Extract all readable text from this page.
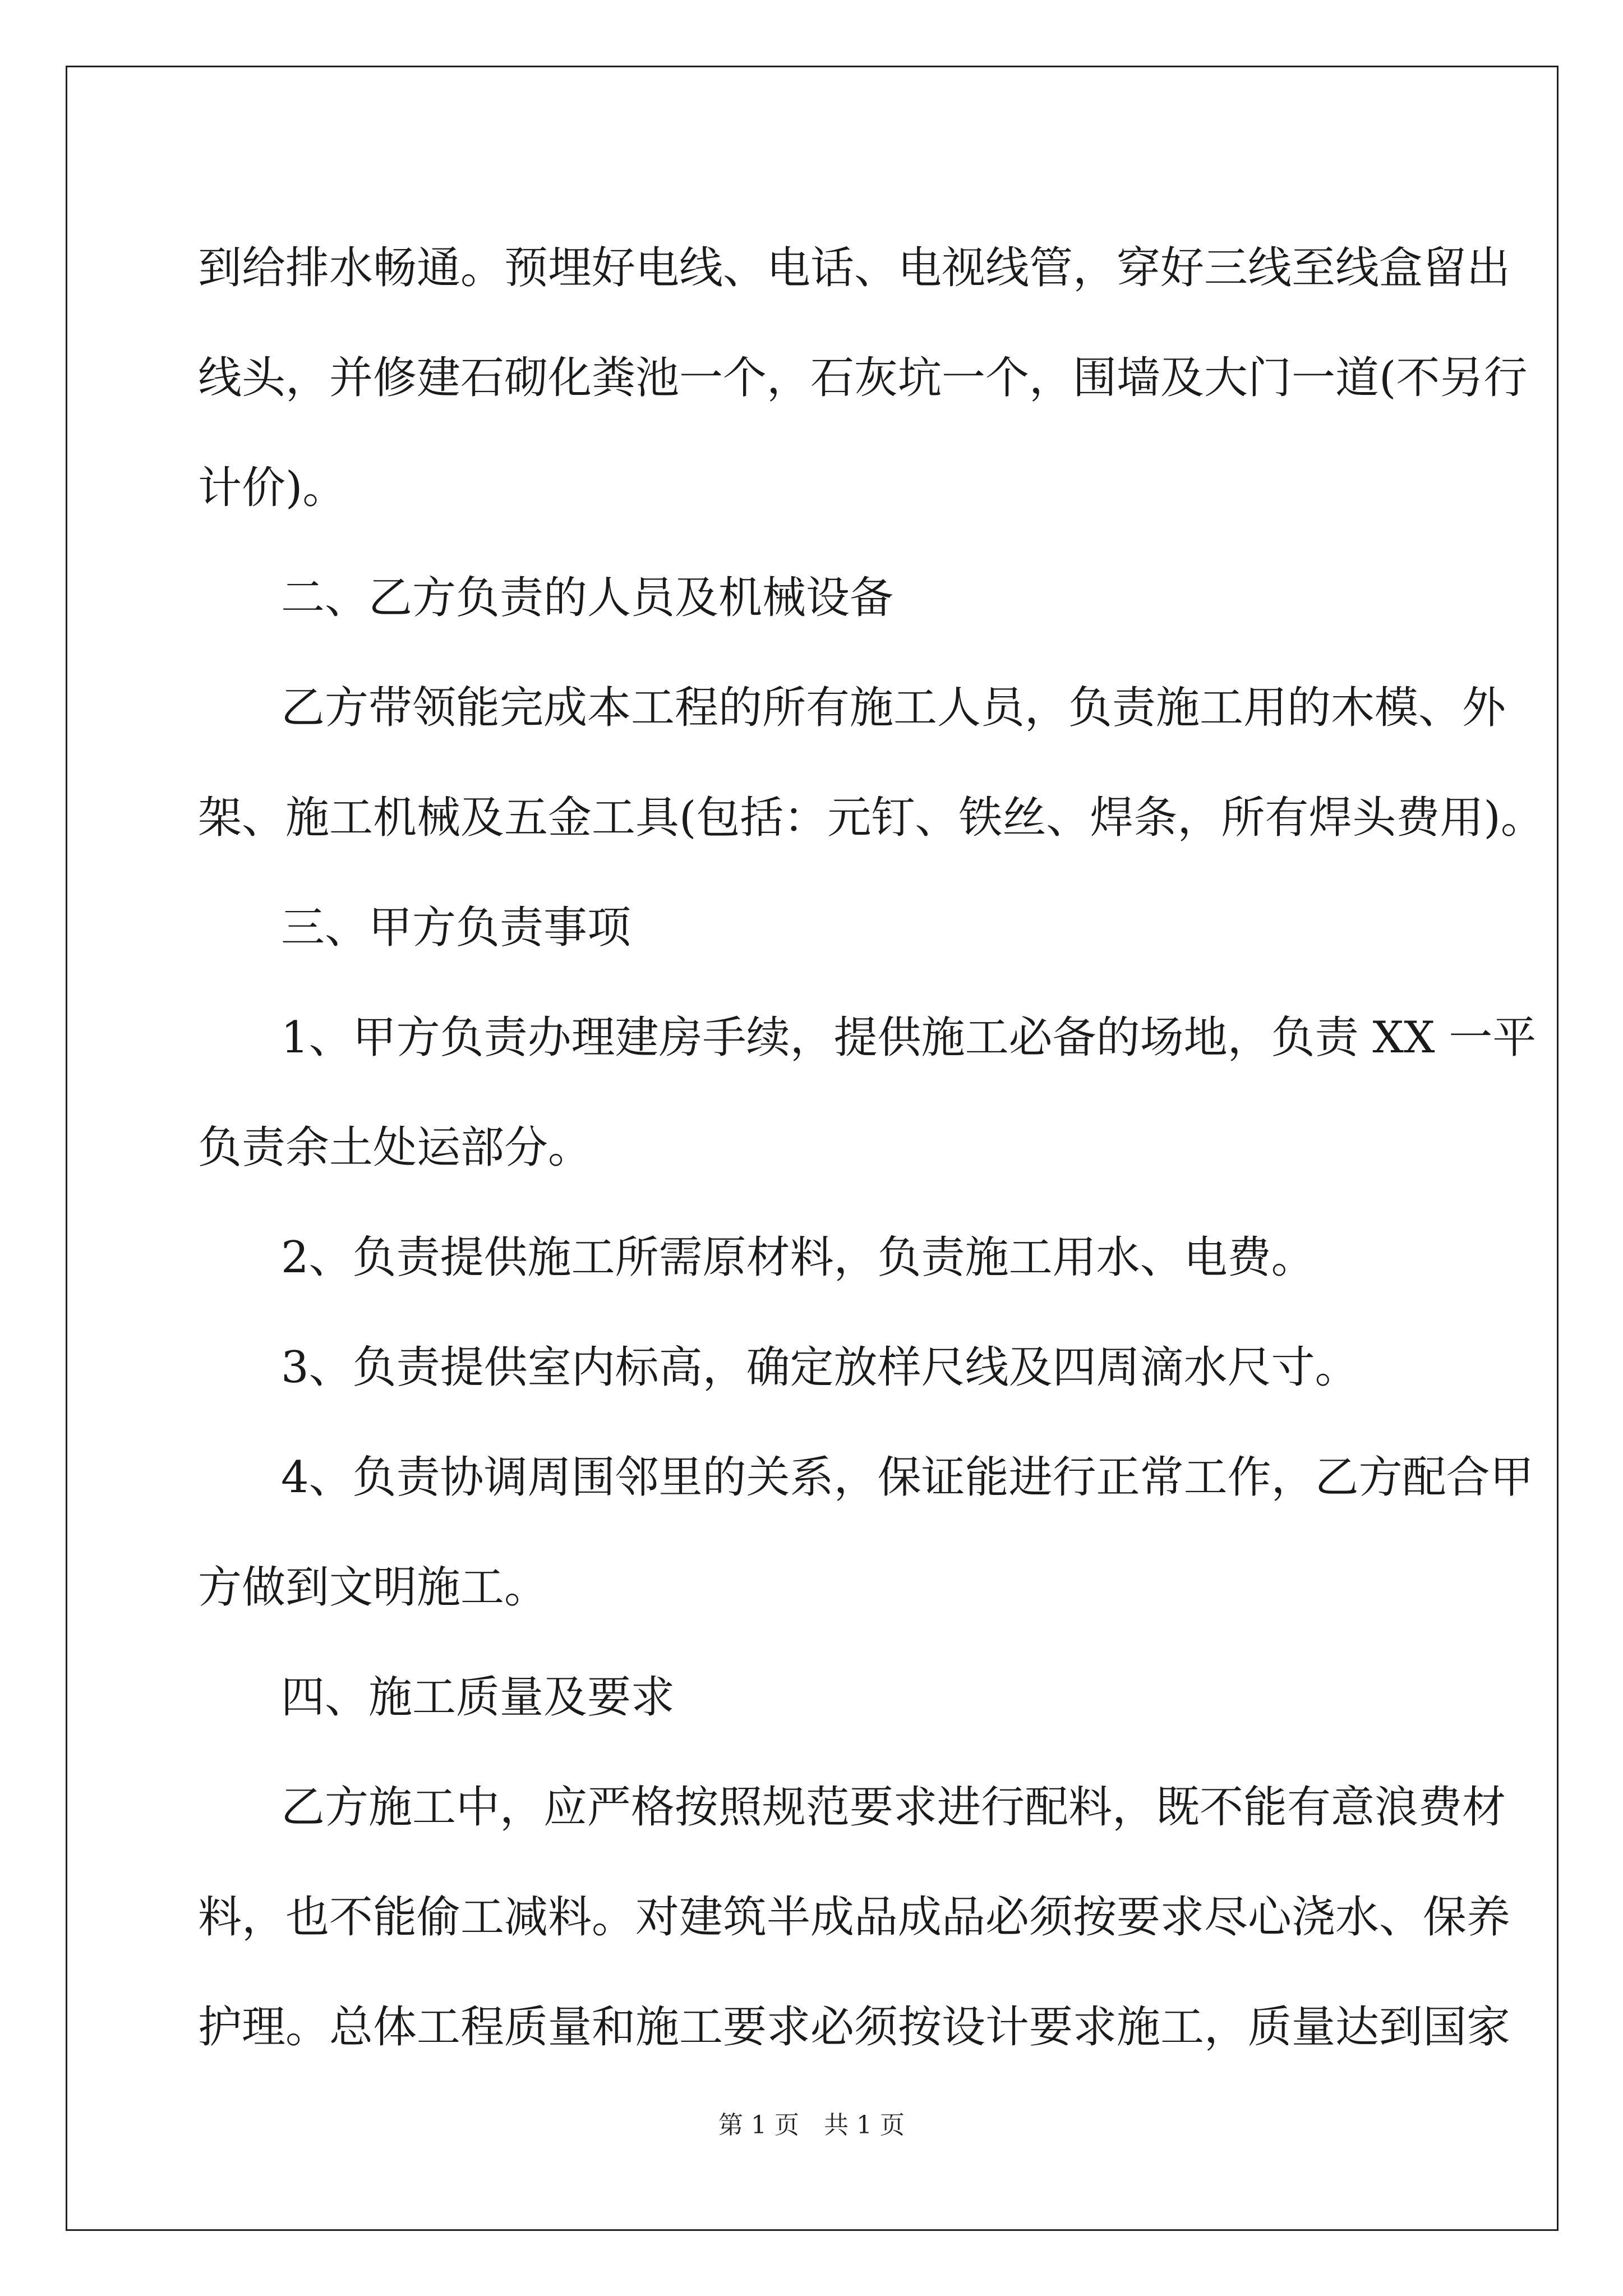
到给排水畅通。预埋好电线、电话、电视线管，穿好三线至线盒留出

线头，并修建石砌化粪池一个，石灰坑一个，围墙及大门一道(不另行

计价)。

二、乙方负责的人员及机械设备

乙方带领能完成本工程的所有施工人员，负责施工用的木模、外

架、施工机械及五金工具(包括：元钉、铁丝、焊条，所有焊头费用)。

三、甲方负责事项

1、甲方负责办理建房手续，提供施工必备的场地，负责 XX 一平

负责余土处运部分。

2、负责提供施工所需原材料，负责施工用水、电费。

3、负责提供室内标高，确定放样尺线及四周滴水尺寸。

4、负责协调周围邻里的关系，保证能进行正常工作，乙方配合甲

方做到文明施工。

四、施工质量及要求

乙方施工中，应严格按照规范要求进行配料，既不能有意浪费材

料，也不能偷工减料。对建筑半成品成品必须按要求尽心浇水、保养

护理。总体工程质量和施工要求必须按设计要求施工，质量达到国家

第 1 页　共 1 页
